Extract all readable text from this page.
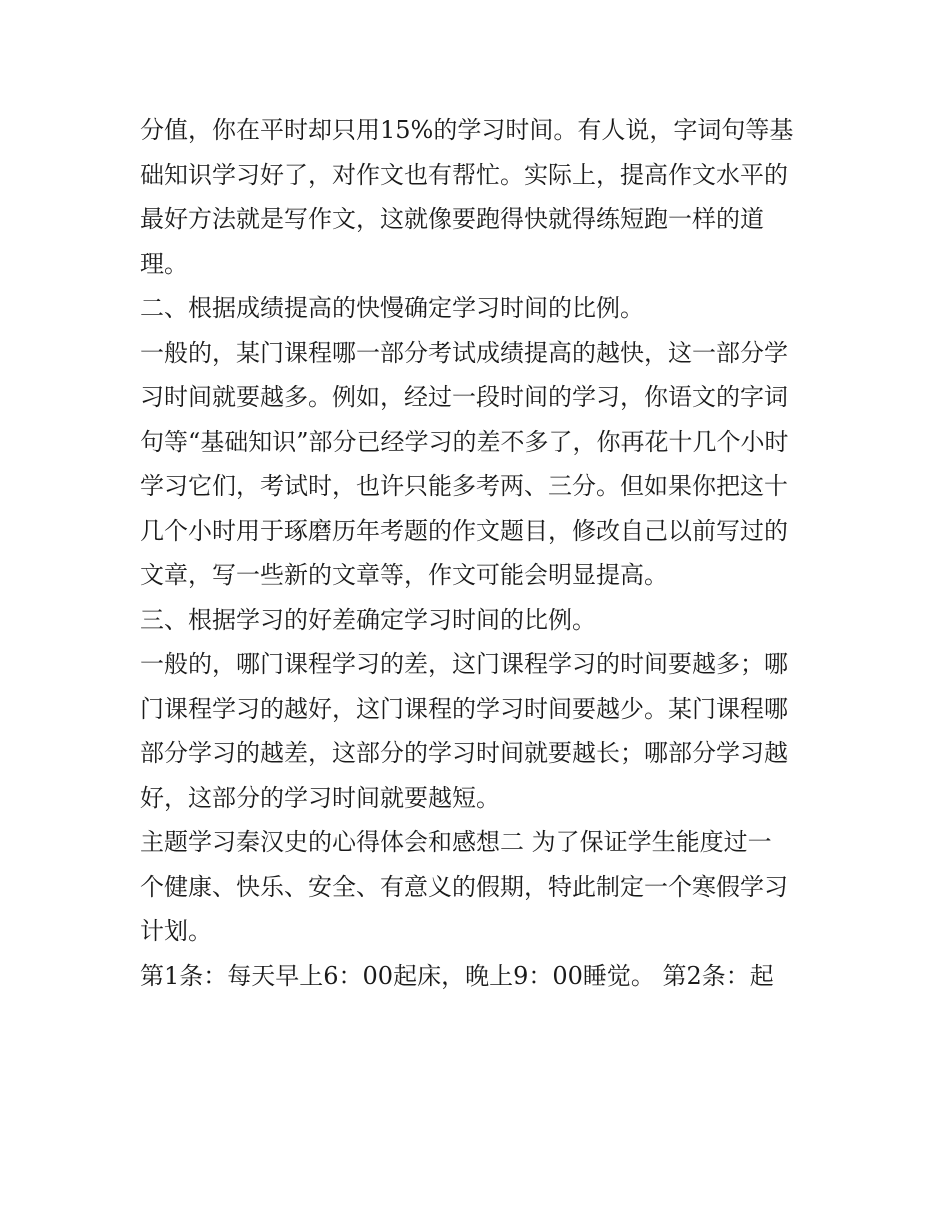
分值，你在平时却只用15%的学习时间。有人说，字词句等基
础知识学习好了，对作文也有帮忙。实际上，提高作文水平的
最好方法就是写作文，这就像要跑得快就得练短跑一样的道
理。
二、根据成绩提高的快慢确定学习时间的比例。
一般的，某门课程哪一部分考试成绩提高的越快，这一部分学
习时间就要越多。例如，经过一段时间的学习，你语文的字词
句等“基础知识”部分已经学习的差不多了，你再花十几个小时
学习它们，考试时，也许只能多考两、三分。但如果你把这十
几个小时用于琢磨历年考题的作文题目，修改自己以前写过的
文章，写一些新的文章等，作文可能会明显提高。
三、根据学习的好差确定学习时间的比例。
一般的，哪门课程学习的差，这门课程学习的时间要越多；哪
门课程学习的越好，这门课程的学习时间要越少。某门课程哪
部分学习的越差，这部分的学习时间就要越长；哪部分学习越
好，这部分的学习时间就要越短。
主题学习秦汉史的心得体会和感想二 为了保证学生能度过一
个健康、快乐、安全、有意义的假期，特此制定一个寒假学习
计划。
第1条：每天早上6：00起床，晚上9：00睡觉。 第2条：起
